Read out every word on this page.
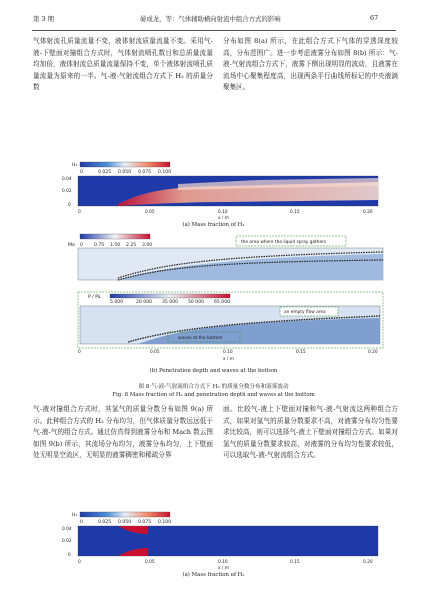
第 3 期	晏成龙，等：气体辅助横向射流中组合方式的影响	67
气体射流孔质量流量不变，液体射流质量流量不变。采用气-液-下壁面对撞组合方式时，气体射流喷孔数目和总质量流量均加倍，液体射流总质量流量保持不变，单个液体射流喷孔质量流量为原来的一半。气-液-气射流组合方式下 H₂ 的质量分数
分布如图 8(a) 所示，在此组合方式下气体的穿透深度较高，分布范围广。进一步考虑液雾分布如图 8(b) 所示：气-液-气射流组合方式下，液雾下侧出现明显的波动，且液雾在流场中心聚集程度高，出现两条平行曲线所标记的中央液滴聚集区。
H₂
0	0.025 0.050 0.075 0.100
0.04
0.02
0
0	0.05	0.10	0.15	0.20
x / m
(a) Mass fraction of H₂
Ma 0 0.75 1.50 2.25 3.00
the area where the liquid spray gathers
P / Pa
5 000	20 000 35 000 50 000 65 000
an empty flow area
waves at the bottom
0	0.05	0.10	0.15	0.20
x / m
(b) Penetration depth and waves at the bottom
图 8 气-液-气射流组合方式下 H₂ 的质量分数分布和液雾波动
Fig. 8 Mass fraction of H₂ and penetration depth and waves at the bottom
气-液对撞组合方式时，其氢气的质量分数分布如图 9(a) 所示。此种组合方式的 H₂ 分布均匀，但气体质量分数远远低于气-液-气的组合方式。通过仿真得到液雾分布和 Mach 数云图如图 9(b) 所示，其流场分布均匀，液雾分布均匀，上下壁面处无明显空流区，无明显的液雾稠密和稀疏分界
面。比较气-液上下壁面对撞和气-液-气射流这两种组合方式，如果对氢气的质量分数要求不高，对液雾分布均匀性要求比较高，则可以选择气-液上下壁面对撞组合方式。如果对氢气的质量分数要求较高，对液雾的分布均匀性要求较低，可以选取气-液-气射流组合方式。
H₂
0	0.025 0.050 0.075 0.100
0.04
0.02
0
0	0.05	0.10	0.15	0.20
x / m
(a) Mass fraction of H₂
